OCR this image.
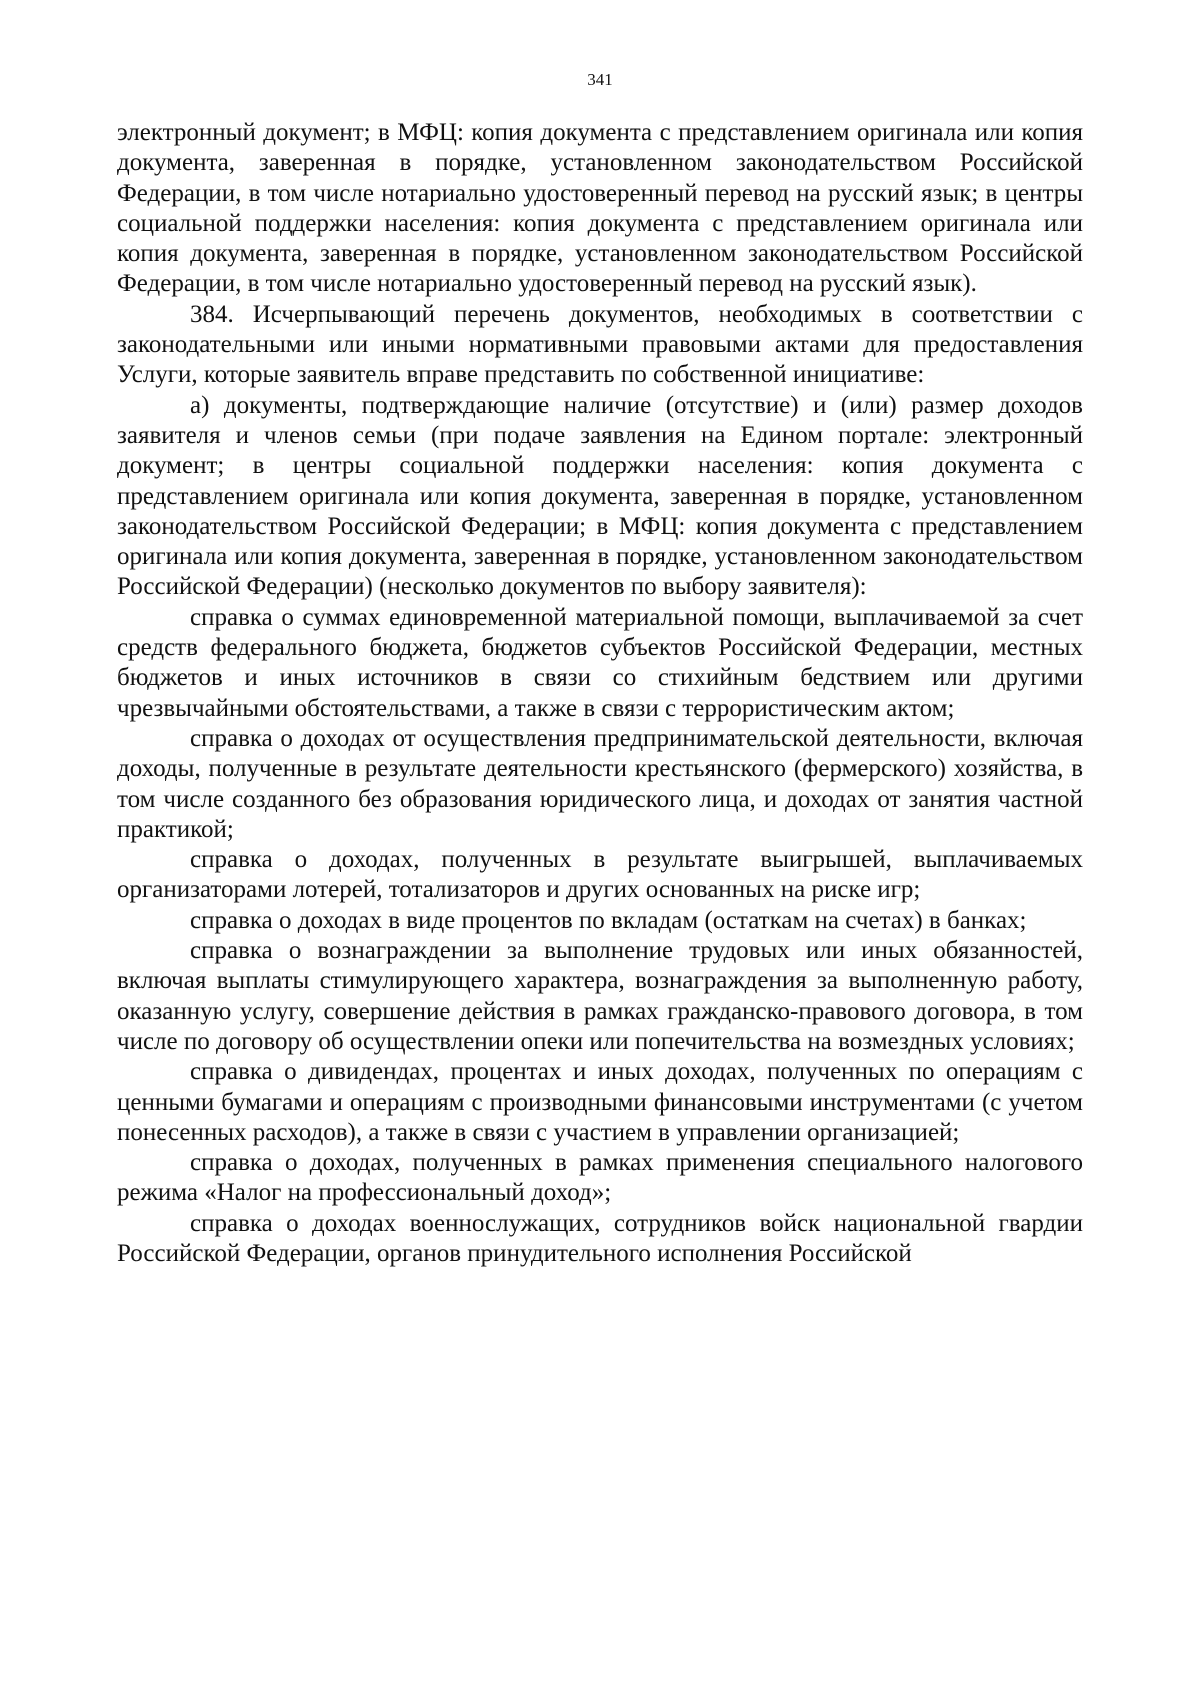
341

электронный документ; в МФЦ: копия документа с представлением оригинала или копия документа, заверенная в порядке, установленном законодательством Российской Федерации, в том числе нотариально удостоверенный перевод на русский язык; в центры социальной поддержки населения: копия документа с представлением оригинала или копия документа, заверенная в порядке, установленном законодательством Российской Федерации, в том числе нотариально удостоверенный перевод на русский язык).

384. Исчерпывающий перечень документов, необходимых в соответствии с законодательными или иными нормативными правовыми актами для предоставления Услуги, которые заявитель вправе представить по собственной инициативе:

а) документы, подтверждающие наличие (отсутствие) и (или) размер доходов заявителя и членов семьи (при подаче заявления на Едином портале: электронный документ; в центры социальной поддержки населения: копия документа с представлением оригинала или копия документа, заверенная в порядке, установленном законодательством Российской Федерации; в МФЦ: копия документа с представлением оригинала или копия документа, заверенная в порядке, установленном законодательством Российской Федерации) (несколько документов по выбору заявителя):

справка о суммах единовременной материальной помощи, выплачиваемой за счет средств федерального бюджета, бюджетов субъектов Российской Федерации, местных бюджетов и иных источников в связи со стихийным бедствием или другими чрезвычайными обстоятельствами, а также в связи с террористическим актом;

справка о доходах от осуществления предпринимательской деятельности, включая доходы, полученные в результате деятельности крестьянского (фермерского) хозяйства, в том числе созданного без образования юридического лица, и доходах от занятия частной практикой;

справка о доходах, полученных в результате выигрышей, выплачиваемых организаторами лотерей, тотализаторов и других основанных на риске игр;

справка о доходах в виде процентов по вкладам (остаткам на счетах) в банках;

справка о вознаграждении за выполнение трудовых или иных обязанностей, включая выплаты стимулирующего характера, вознаграждения за выполненную работу, оказанную услугу, совершение действия в рамках гражданско-правового договора, в том числе по договору об осуществлении опеки или попечительства на возмездных условиях;

справка о дивидендах, процентах и иных доходах, полученных по операциям с ценными бумагами и операциям с производными финансовыми инструментами (с учетом понесенных расходов), а также в связи с участием в управлении организацией;

справка о доходах, полученных в рамках применения специального налогового режима «Налог на профессиональный доход»;

справка о доходах военнослужащих, сотрудников войск национальной гвардии Российской Федерации, органов принудительного исполнения Российской
